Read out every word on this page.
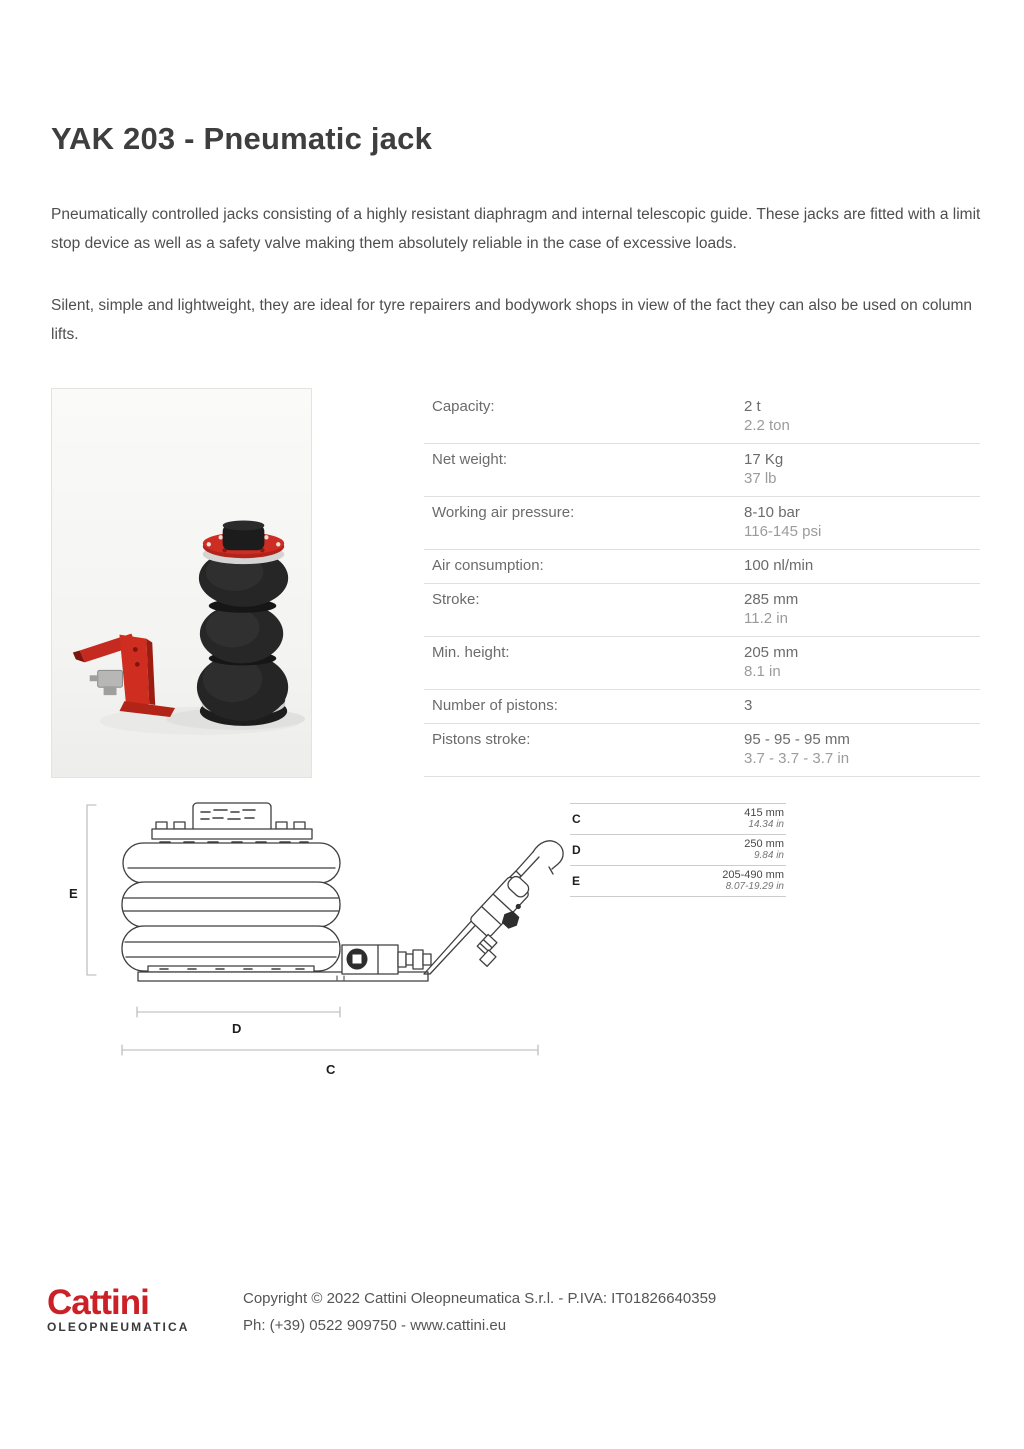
YAK 203 - Pneumatic jack

Pneumatically controlled jacks consisting of a highly resistant diaphragm and internal telescopic guide. These jacks are fitted with a limit stop device as well as a safety valve making them absolutely reliable in the case of excessive loads.

Silent, simple and lightweight, they are ideal for tyre repairers and bodywork shops in view of the fact they can also be used on column lifts.

Capacity:	2 t
2.2 ton
Net weight:	17 Kg
37 lb
Working air pressure:	8-10 bar
116-145 psi
Air consumption:	100 nl/min
Stroke:	285 mm
11.2 in
Min. height:	205 mm
8.1 in
Number of pistons:	3
Pistons stroke:	95 - 95 - 95 mm
3.7 - 3.7 - 3.7 in
E
D
C
C	415 mm
14.34 in
D	250 mm
9.84 in
E	205-490 mm
8.07-19.29 in
Cattini
OLEOPNEUMATICA
Copyright © 2022 Cattini Oleopneumatica S.r.l. - P.IVA: IT01826640359
Ph: (+39) 0522 909750 - www.cattini.eu
